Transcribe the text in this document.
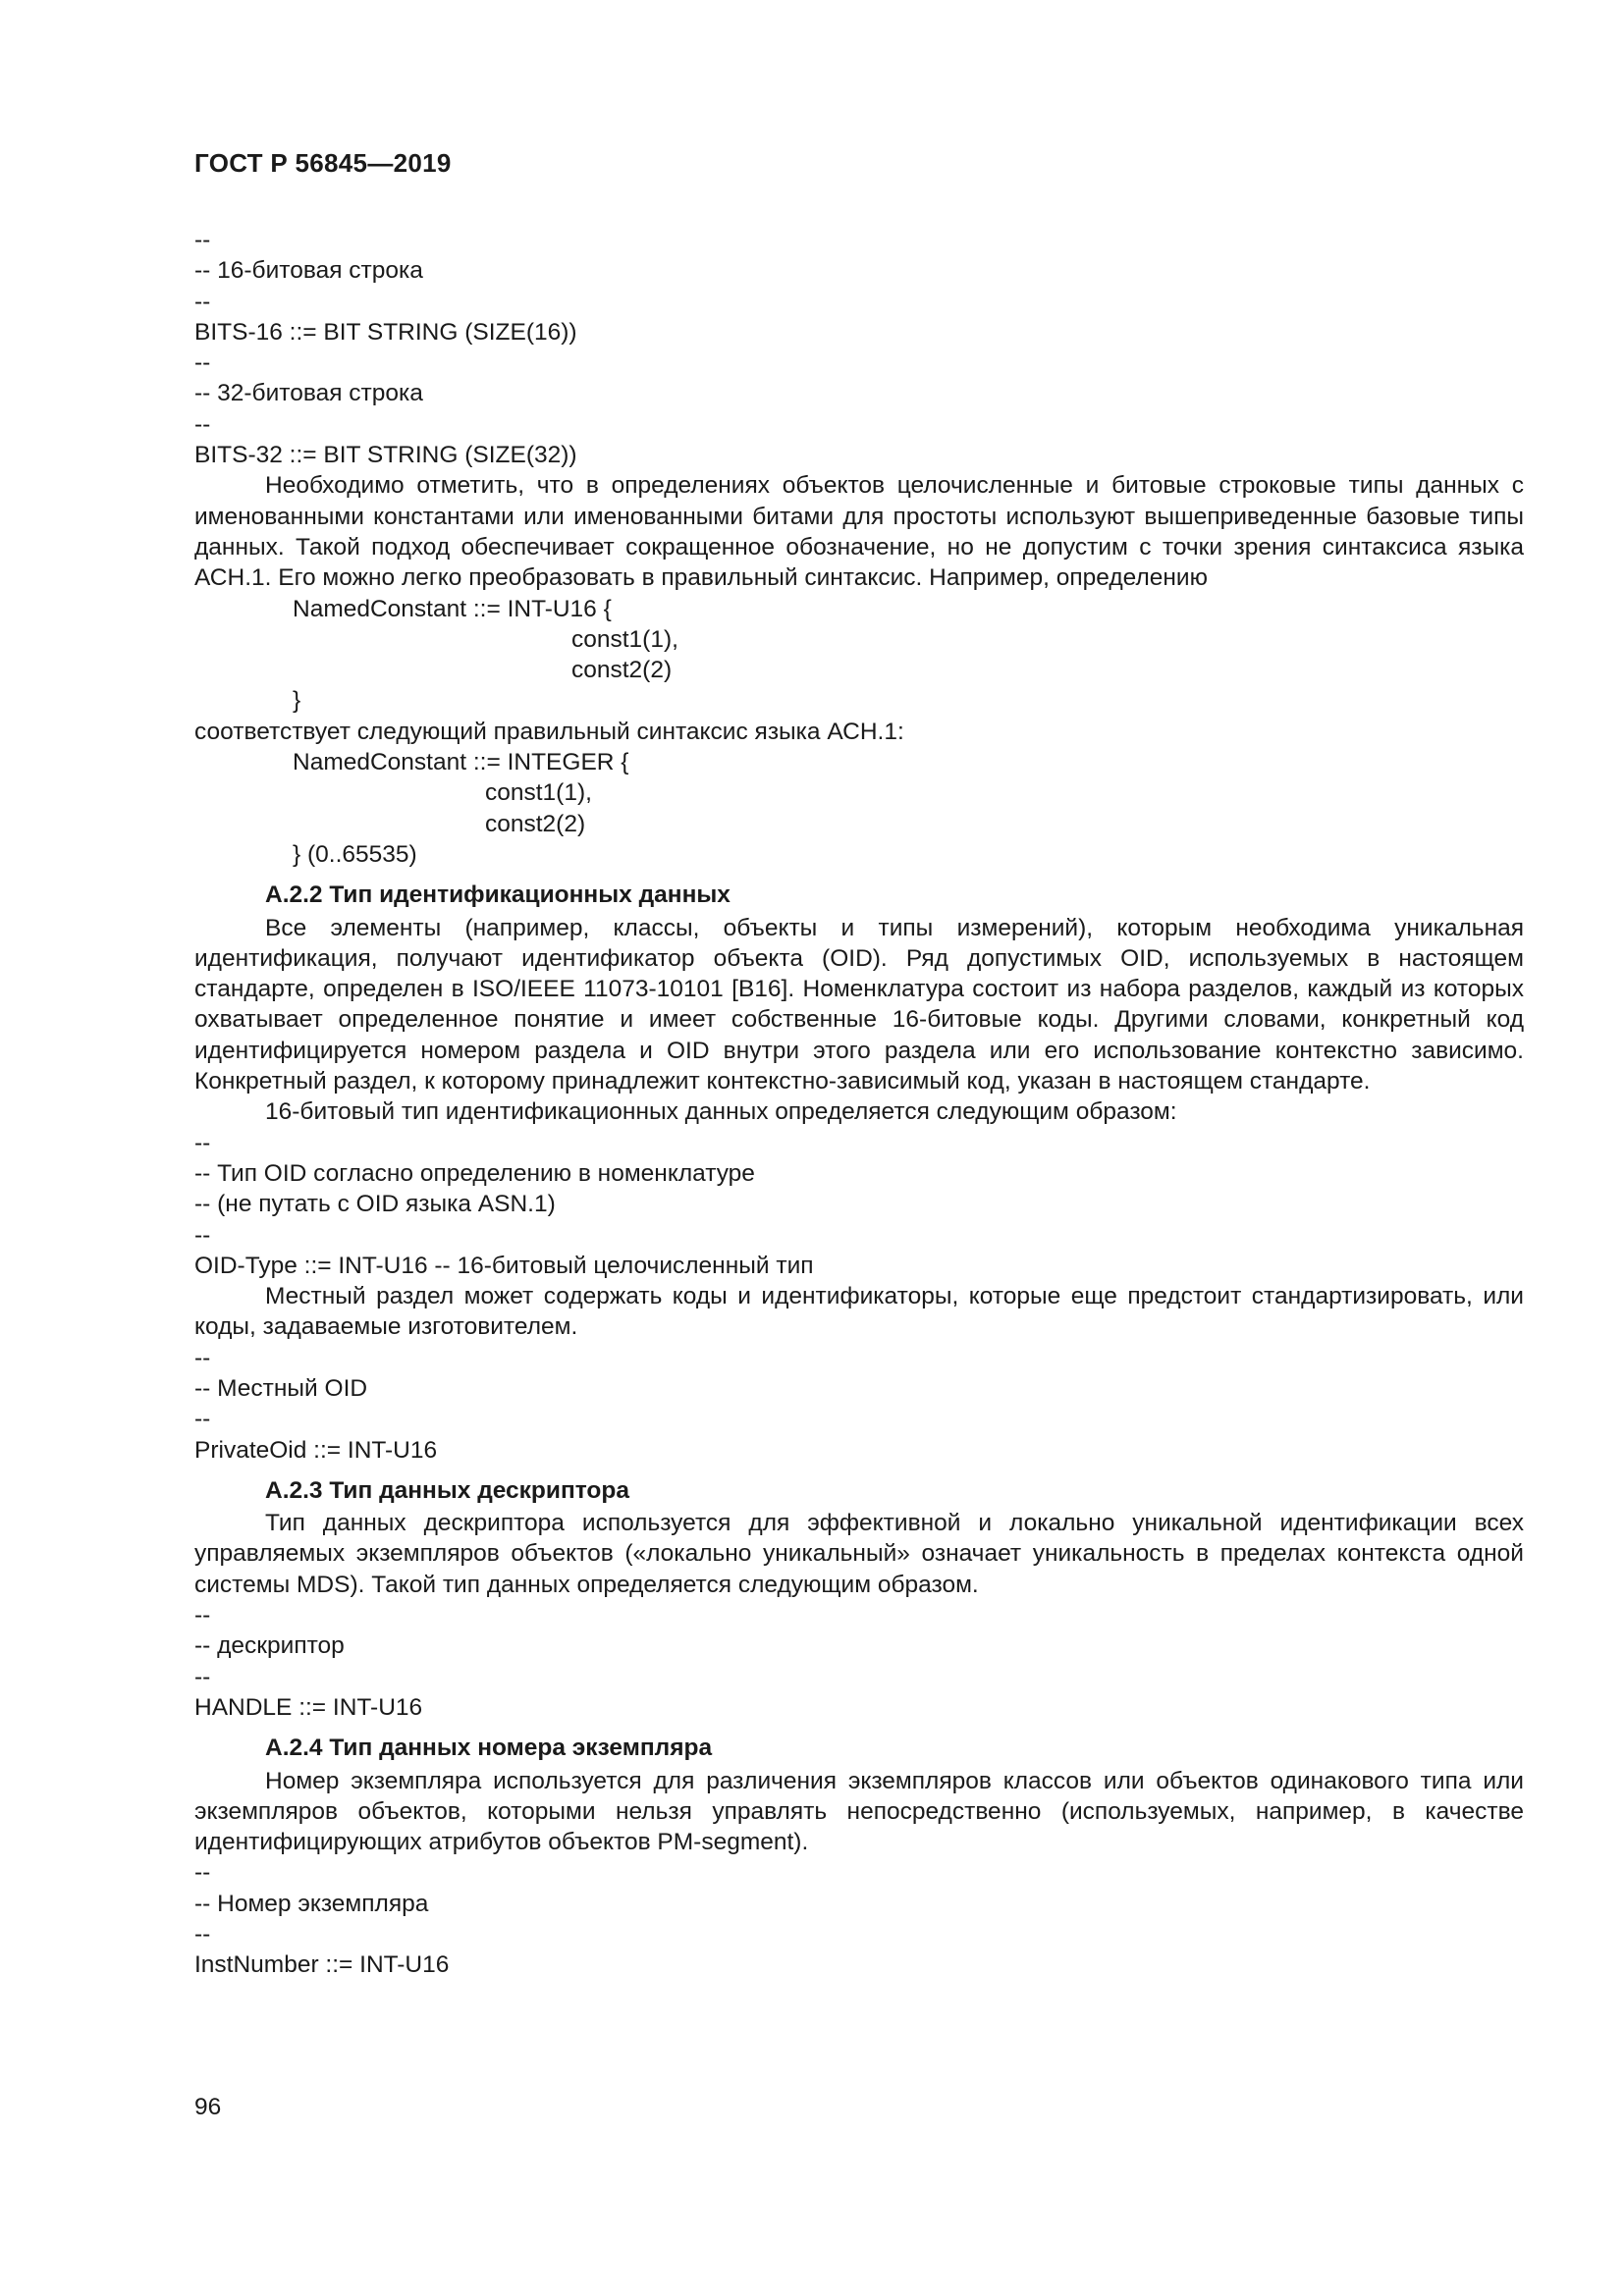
ГОСТ Р 56845—2019
--
-- 16-битовая строка
--
BITS-16 ::= BIT STRING (SIZE(16))
--
-- 32-битовая строка
--
BITS-32 ::= BIT STRING (SIZE(32))
Необходимо отметить, что в определениях объектов целочисленные и битовые строковые типы данных с именованными константами или именованными битами для простоты используют вышеприведенные базовые типы данных. Такой подход обеспечивает сокращенное обозначение, но не допустим с точки зрения синтаксиса языка АСН.1. Его можно легко преобразовать в правильный синтаксис. Например, определению
NamedConstant ::= INT-U16 {
const1(1),
const2(2)
}
соответствует следующий правильный синтаксис языка АСН.1:
NamedConstant ::= INTEGER {
const1(1),
const2(2)
} (0..65535)
А.2.2 Тип идентификационных данных
Все элементы (например, классы, объекты и типы измерений), которым необходима уникальная идентификация, получают идентификатор объекта (OID). Ряд допустимых OID, используемых в настоящем стандарте, определен в ISO/IEEE 11073-10101 [B16]. Номенклатура состоит из набора разделов, каждый из которых охватывает определенное понятие и имеет собственные 16-битовые коды. Другими словами, конкретный код идентифицируется номером раздела и OID внутри этого раздела или его использование контекстно зависимо. Конкретный раздел, к которому принадлежит контекстно-зависимый код, указан в настоящем стандарте.
16-битовый тип идентификационных данных определяется следующим образом:
--
-- Тип OID согласно определению в номенклатуре
-- (не путать с OID языка ASN.1)
--
OID-Type ::= INT-U16 -- 16-битовый целочисленный тип
Местный раздел может содержать коды и идентификаторы, которые еще предстоит стандартизировать, или коды, задаваемые изготовителем.
--
-- Местный OID
--
PrivateOid ::= INT-U16
А.2.3 Тип данных дескриптора
Тип данных дескриптора используется для эффективной и локально уникальной идентификации всех управляемых экземпляров объектов («локально уникальный» означает уникальность в пределах контекста одной системы MDS). Такой тип данных определяется следующим образом.
--
-- дескриптор
--
HANDLE ::= INT-U16
А.2.4 Тип данных номера экземпляра
Номер экземпляра используется для различения экземпляров классов или объектов одинакового типа или экземпляров объектов, которыми нельзя управлять непосредственно (используемых, например, в качестве идентифицирующих атрибутов объектов PM-segment).
--
-- Номер экземпляра
--
InstNumber ::= INT-U16
96
